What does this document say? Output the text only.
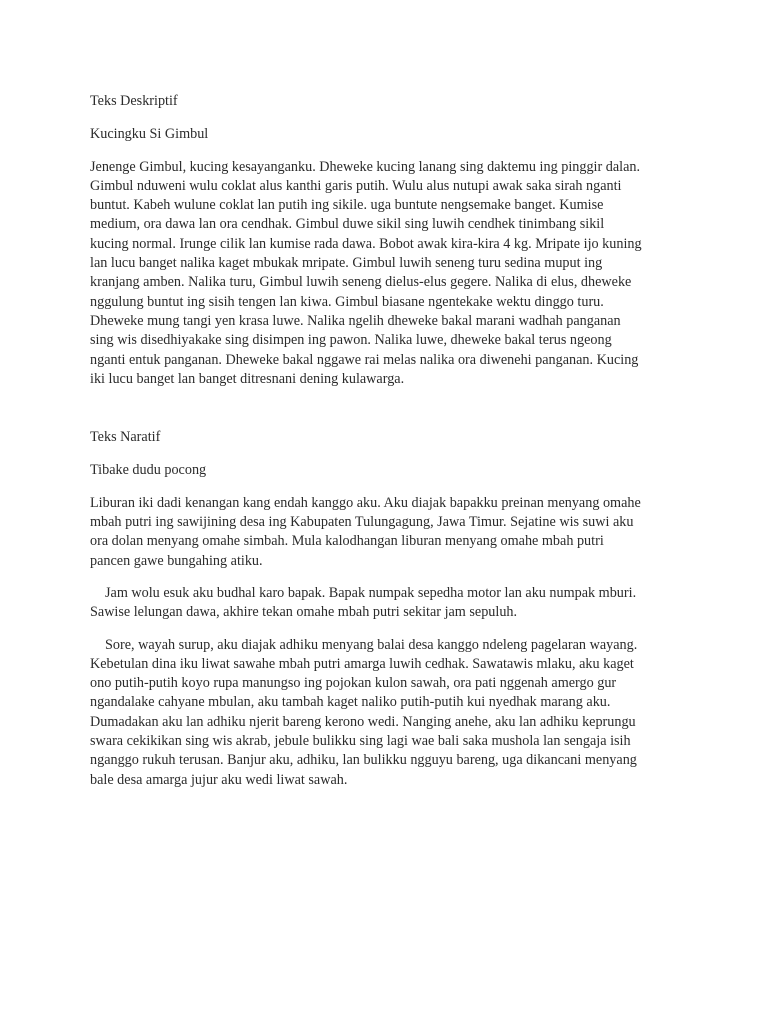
Teks Deskriptif

Kucingku Si Gimbul

Jenenge Gimbul, kucing kesayanganku. Dheweke kucing lanang sing daktemu ing pinggir dalan.
Gimbul nduweni wulu coklat alus kanthi garis putih. Wulu alus nutupi awak saka sirah nganti
buntut. Kabeh wulune coklat lan putih ing sikile. uga buntute nengsemake banget. Kumise
medium, ora dawa lan ora cendhak. Gimbul duwe sikil sing luwih cendhek tinimbang sikil
kucing normal. Irunge cilik lan kumise rada dawa. Bobot awak kira-kira 4 kg. Mripate ijo kuning
lan lucu banget nalika kaget mbukak mripate. Gimbul luwih seneng turu sedina muput ing
kranjang amben. Nalika turu, Gimbul luwih seneng dielus-elus gegere. Nalika di elus, dheweke
nggulung buntut ing sisih tengen lan kiwa. Gimbul biasane ngentekake wektu dinggo turu.
Dheweke mung tangi yen krasa luwe. Nalika ngelih dheweke bakal marani wadhah panganan
sing wis disedhiyakake sing disimpen ing pawon. Nalika luwe, dheweke bakal terus ngeong
nganti entuk panganan. Dheweke bakal nggawe rai melas nalika ora diwenehi panganan. Kucing
iki lucu banget lan banget ditresnani dening kulawarga.

Teks Naratif

Tibake dudu pocong

Liburan iki dadi kenangan kang endah kanggo aku. Aku diajak bapakku preinan menyang omahe
mbah putri ing sawijining desa ing Kabupaten Tulungagung, Jawa Timur. Sejatine wis suwi aku
ora dolan menyang omahe simbah. Mula kalodhangan liburan menyang omahe mbah putri
pancen gawe bungahing atiku.

Jam wolu esuk aku budhal karo bapak. Bapak numpak sepedha motor lan aku numpak mburi.
Sawise lelungan dawa, akhire tekan omahe mbah putri sekitar jam sepuluh.

Sore, wayah surup, aku diajak adhiku menyang balai desa kanggo ndeleng pagelaran wayang.
Kebetulan dina iku liwat sawahe mbah putri amarga luwih cedhak. Sawatawis mlaku, aku kaget
ono putih-putih koyo rupa manungso ing pojokan kulon sawah, ora pati nggenah amergo gur
ngandalake cahyane mbulan, aku tambah kaget naliko putih-putih kui nyedhak marang aku.
Dumadakan aku lan adhiku njerit bareng kerono wedi. Nanging anehe, aku lan adhiku keprungu
swara cekikikan sing wis akrab, jebule bulikku sing lagi wae bali saka mushola lan sengaja isih
nganggo rukuh terusan. Banjur aku, adhiku, lan bulikku ngguyu bareng, uga dikancani menyang
bale desa amarga jujur aku wedi liwat sawah.
